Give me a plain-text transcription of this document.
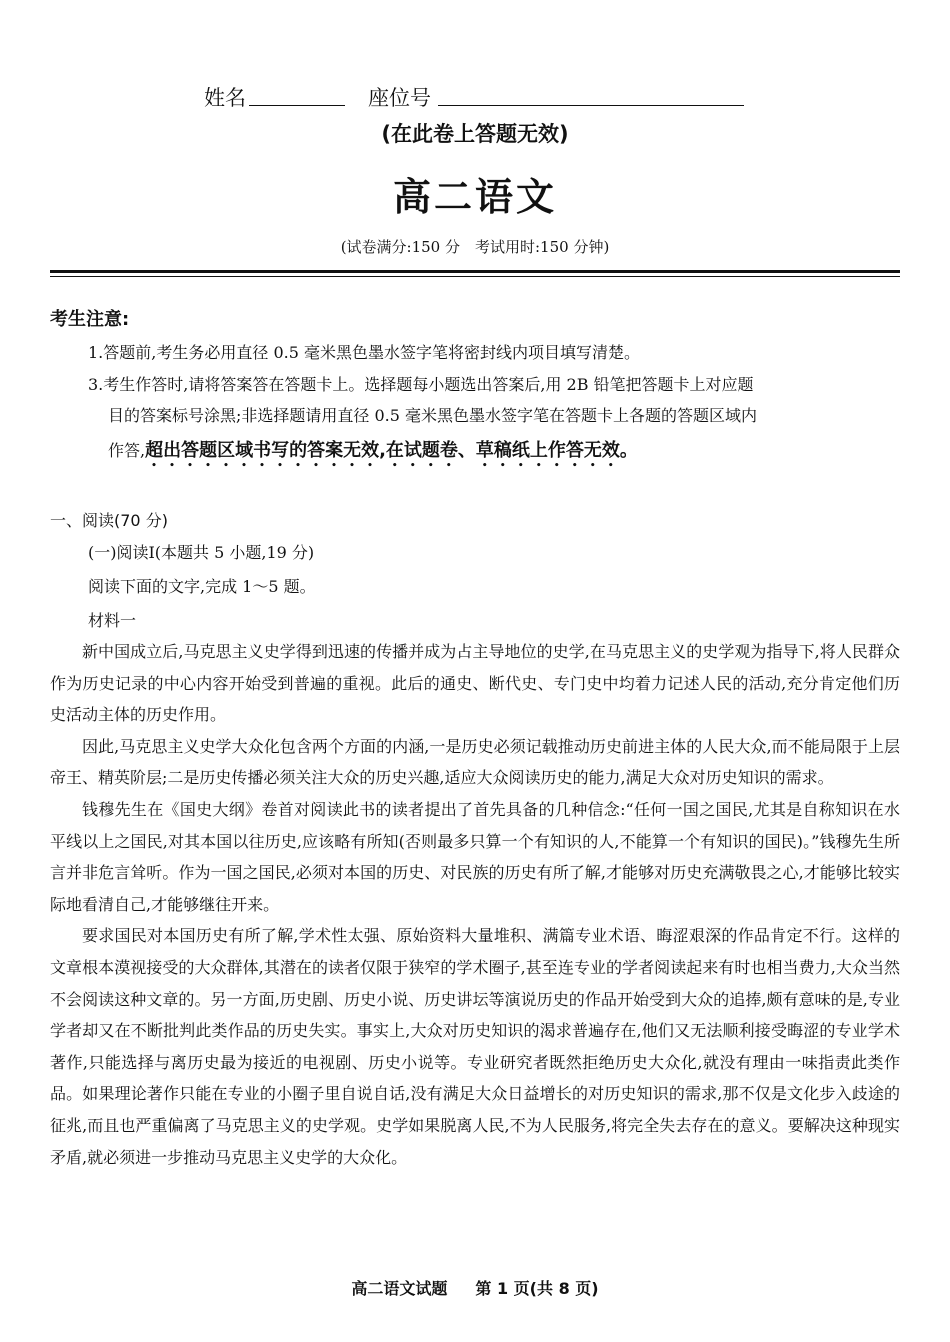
姓名	座位号
(在此卷上答题无效)
高二语文
(试卷满分:150 分　考试用时:150 分钟)
考生注意:
1.答题前,考生务必用直径 0.5 毫米黑色墨水签字笔将密封线内项目填写清楚。
3.考生作答时,请将答案答在答题卡上。选择题每小题选出答案后,用 2B 铅笔把答题卡上对应题
目的答案标号涂黑;非选择题请用直径 0.5 毫米黑色墨水签字笔在答题卡上各题的答题区域内
作答,超出答题区域书写的答案无效,在试题卷、草稿纸上作答无效。
一、阅读(70 分)
(一)阅读Ⅰ(本题共 5 小题,19 分)
阅读下面的文字,完成 1～5 题。
材料一

新中国成立后,马克思主义史学得到迅速的传播并成为占主导地位的史学,在马克思主义的史学观为指导下,将人民群众作为历史记录的中心内容开始受到普遍的重视。此后的通史、断代史、专门史中均着力记述人民的活动,充分肯定他们历史活动主体的历史作用。

因此,马克思主义史学大众化包含两个方面的内涵,一是历史必须记载推动历史前进主体的人民大众,而不能局限于上层帝王、精英阶层;二是历史传播必须关注大众的历史兴趣,适应大众阅读历史的能力,满足大众对历史知识的需求。

钱穆先生在《国史大纲》卷首对阅读此书的读者提出了首先具备的几种信念:“任何一国之国民,尤其是自称知识在水平线以上之国民,对其本国以往历史,应该略有所知(否则最多只算一个有知识的人,不能算一个有知识的国民)。”钱穆先生所言并非危言耸听。作为一国之国民,必须对本国的历史、对民族的历史有所了解,才能够对历史充满敬畏之心,才能够比较实际地看清自己,才能够继往开来。

要求国民对本国历史有所了解,学术性太强、原始资料大量堆积、满篇专业术语、晦涩艰深的作品肯定不行。这样的文章根本漠视接受的大众群体,其潜在的读者仅限于狭窄的学术圈子,甚至连专业的学者阅读起来有时也相当费力,大众当然不会阅读这种文章的。另一方面,历史剧、历史小说、历史讲坛等演说历史的作品开始受到大众的追捧,颇有意味的是,专业学者却又在不断批判此类作品的历史失实。事实上,大众对历史知识的渴求普遍存在,他们又无法顺利接受晦涩的专业学术著作,只能选择与离历史最为接近的电视剧、历史小说等。专业研究者既然拒绝历史大众化,就没有理由一味指责此类作品。如果理论著作只能在专业的小圈子里自说自话,没有满足大众日益增长的对历史知识的需求,那不仅是文化步入歧途的征兆,而且也严重偏离了马克思主义的史学观。史学如果脱离人民,不为人民服务,将完全失去存在的意义。要解决这种现实矛盾,就必须进一步推动马克思主义史学的大众化。

高二语文试题 第 1 页(共 8 页)
